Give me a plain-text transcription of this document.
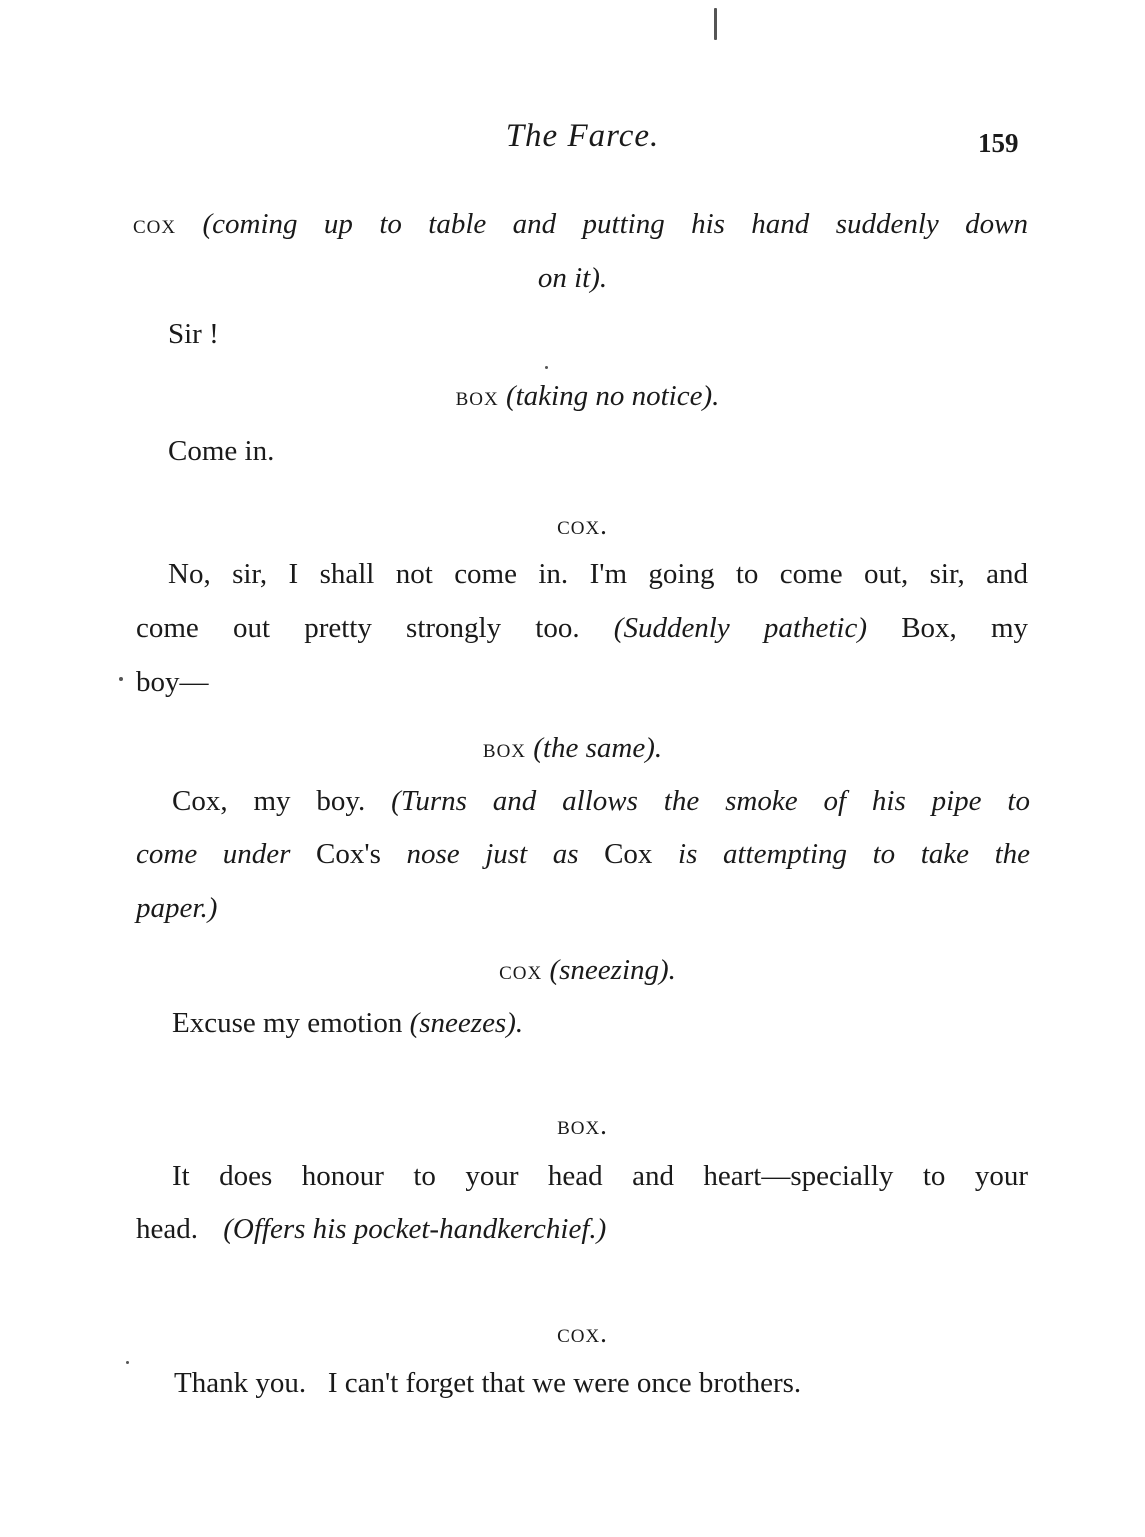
The Farce.	159
cox (coming up to table and putting his hand suddenly down
on it).
Sir !
box (taking no notice).
Come in.
cox.
No, sir, I shall not come in. I'm going to come out, sir, and
come out pretty strongly too. (Suddenly pathetic) Box, my
boy—
box (the same).
Cox, my boy. (Turns and allows the smoke of his pipe to
come under Cox's nose just as Cox is attempting to take the
paper.)
cox (sneezing).
Excuse my emotion (sneezes).
box.
It does honour to your head and heart—specially to your
head. (Offers his pocket-handkerchief.)
cox.
Thank you.   I can't forget that we were once brothers.
